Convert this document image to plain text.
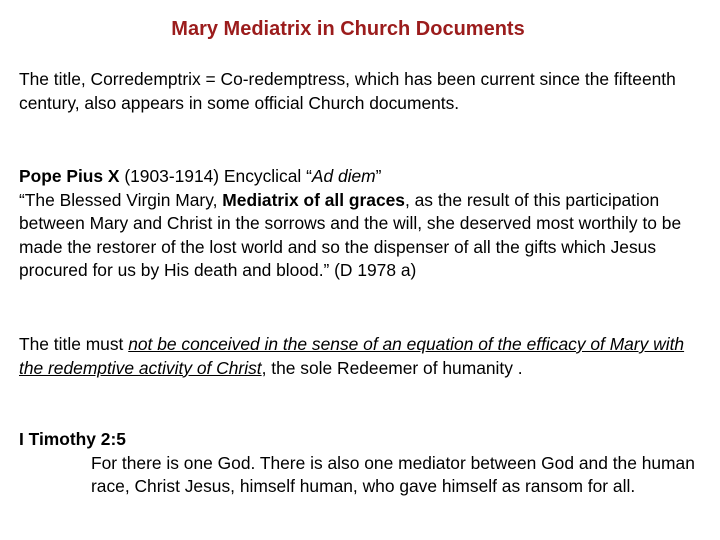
Mary Mediatrix in Church Documents

The title, Corredemptrix = Co-redemptress, which has been current since the fifteenth century, also appears in some official Church documents.

Pope Pius X (1903-1914) Encyclical “Ad diem”
“The Blessed Virgin Mary, Mediatrix of all graces, as the result of this participation between Mary and Christ in the sorrows and the will, she deserved most worthily to be made the restorer of the lost world and so the dispenser of all the gifts which Jesus procured for us by His death and blood.” (D 1978 a)

The title must not be conceived in the sense of an equation of the efficacy of Mary with the redemptive activity of Christ, the sole Redeemer of humanity .

I Timothy 2:5
For there is one God. There is also one mediator between God and the human race, Christ Jesus, himself human, who gave himself as ransom for all.
